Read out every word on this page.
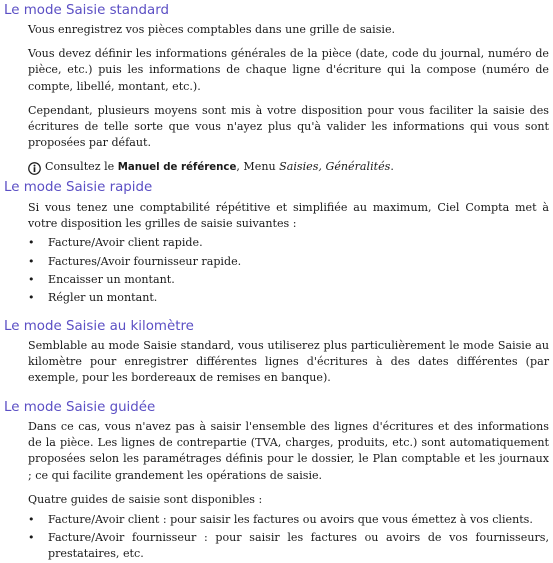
Le mode Saisie standard

Vous enregistrez vos pièces comptables dans une grille de saisie.

Vous devez définir les informations générales de la pièce (date, code du journal, numéro de pièce, etc.) puis les informations de chaque ligne d'écriture qui la compose (numéro de compte, libellé, montant, etc.).

Cependant, plusieurs moyens sont mis à votre disposition pour vous faciliter la saisie des écritures de telle sorte que vous n'ayez plus qu'à valider les informations qui vous sont proposées par défaut.

Consultez le Manuel de référence, Menu Saisies, Généralités.
Le mode Saisie rapide

Si vous tenez une comptabilité répétitive et simplifiée au maximum, Ciel Compta met à votre disposition les grilles de saisie suivantes :

•	Facture/Avoir client rapide.
•	Factures/Avoir fournisseur rapide.
•	Encaisser un montant.
•	Régler un montant.
Le mode Saisie au kilomètre

Semblable au mode Saisie standard, vous utiliserez plus particulièrement le mode Saisie au kilomètre pour enregistrer différentes lignes d'écritures à des dates différentes (par exemple, pour les bordereaux de remises en banque).

Le mode Saisie guidée

Dans ce cas, vous n'avez pas à saisir l'ensemble des lignes d'écritures et des informations de la pièce. Les lignes de contrepartie (TVA, charges, produits, etc.) sont automatiquement proposées selon les paramétrages définis pour le dossier, le Plan comptable et les journaux ; ce qui facilite grandement les opérations de saisie.

Quatre guides de saisie sont disponibles :

•	Facture/Avoir client : pour saisir les factures ou avoirs que vous émettez à vos clients.
•	Facture/Avoir fournisseur : pour saisir les factures ou avoirs de vos fournisseurs, prestataires, etc.
